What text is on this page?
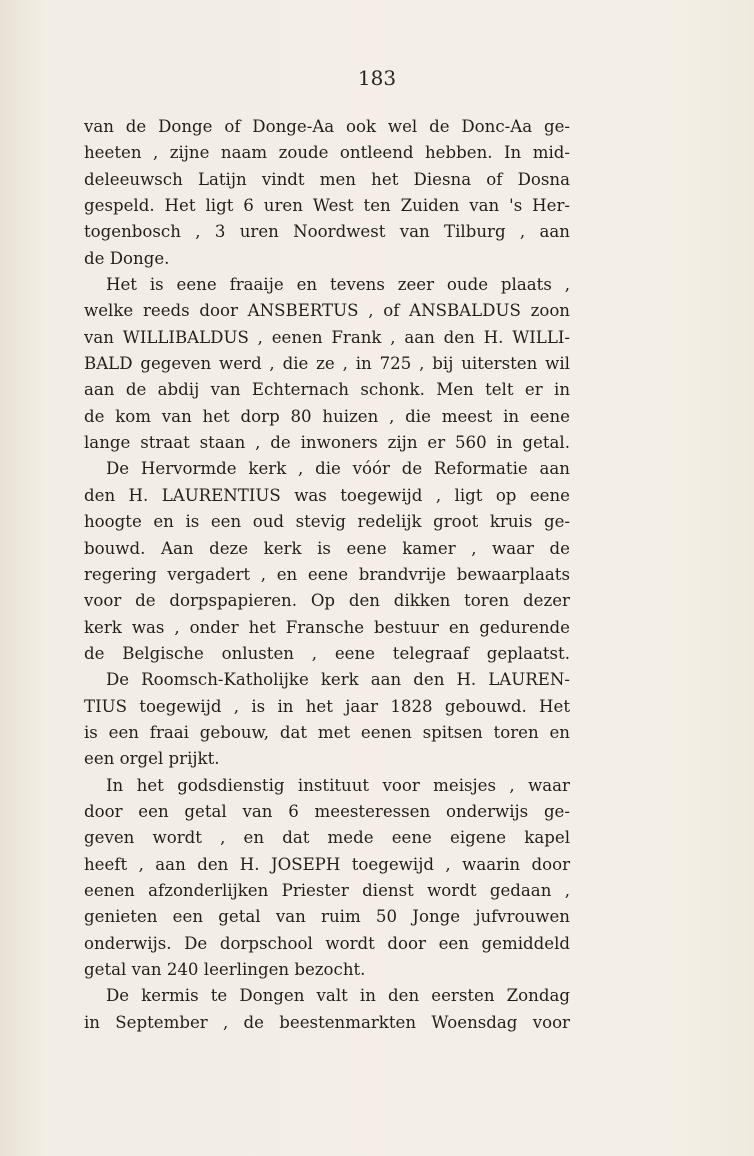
183
van de Donge of Donge-Aa ook wel de Donc-Aa ge-
heeten , zijne naam zoude ontleend hebben. In mid-
deleeuwsch Latijn vindt men het Diesna of Dosna
gespeld. Het ligt 6 uren West ten Zuiden van 's Her-
togenbosch , 3 uren Noordwest van Tilburg , aan
de Donge.
Het is eene fraaije en tevens zeer oude plaats ,
welke reeds door ANSBERTUS , of ANSBALDUS zoon
van WILLIBALDUS , eenen Frank , aan den H. WILLI-
BALD gegeven werd , die ze , in 725 , bij uitersten wil
aan de abdij van Echternach schonk. Men telt er in
de kom van het dorp 80 huizen , die meest in eene
lange straat staan , de inwoners zijn er 560 in getal.
De Hervormde kerk , die vóór de Reformatie aan
den H. LAURENTIUS was toegewijd , ligt op eene
hoogte en is een oud stevig redelijk groot kruis ge-
bouwd. Aan deze kerk is eene kamer , waar de
regering vergadert , en eene brandvrije bewaarplaats
voor de dorpspapieren. Op den dikken toren dezer
kerk was , onder het Fransche bestuur en gedurende
de Belgische onlusten , eene telegraaf geplaatst.
De Roomsch-Katholijke kerk aan den H. LAUREN-
TIUS toegewijd , is in het jaar 1828 gebouwd. Het
is een fraai gebouw, dat met eenen spitsen toren en
een orgel prijkt.
In het godsdienstig instituut voor meisjes , waar
door een getal van 6 meesteressen onderwijs ge-
geven wordt , en dat mede eene eigene kapel
heeft , aan den H. JOSEPH toegewijd , waarin door
eenen afzonderlijken Priester dienst wordt gedaan ,
genieten een getal van ruim 50 Jonge jufvrouwen
onderwijs. De dorpschool wordt door een gemiddeld
getal van 240 leerlingen bezocht.
De kermis te Dongen valt in den eersten Zondag
in September , de beestenmarkten Woensdag voor
